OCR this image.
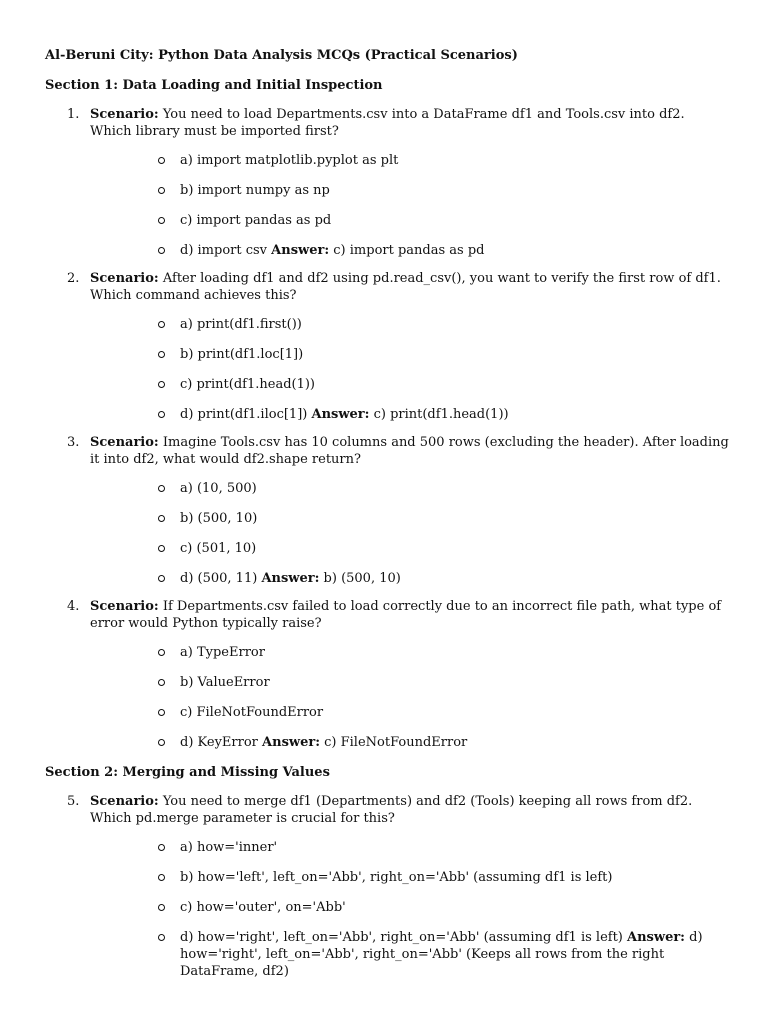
Al-Beruni City: Python Data Analysis MCQs (Practical Scenarios)

Section 1: Data Loading and Initial Inspection

1. Scenario: You need to load Departments.csv into a DataFrame df1 and Tools.csv into df2. Which library must be imported first?
a) import matplotlib.pyplot as plt
b) import numpy as np
c) import pandas as pd
d) import csv Answer: c) import pandas as pd
2. Scenario: After loading df1 and df2 using pd.read_csv(), you want to verify the first row of df1. Which command achieves this?
a) print(df1.first())
b) print(df1.loc[1])
c) print(df1.head(1))
d) print(df1.iloc[1]) Answer: c) print(df1.head(1))
3. Scenario: Imagine Tools.csv has 10 columns and 500 rows (excluding the header). After loading it into df2, what would df2.shape return?
a) (10, 500)
b) (500, 10)
c) (501, 10)
d) (500, 11) Answer: b) (500, 10)
4. Scenario: If Departments.csv failed to load correctly due to an incorrect file path, what type of error would Python typically raise?
a) TypeError
b) ValueError
c) FileNotFoundError
d) KeyError Answer: c) FileNotFoundError

Section 2: Merging and Missing Values

5. Scenario: You need to merge df1 (Departments) and df2 (Tools) keeping all rows from df2. Which pd.merge parameter is crucial for this?
a) how='inner'
b) how='left', left_on='Abb', right_on='Abb' (assuming df1 is left)
c) how='outer', on='Abb'
d) how='right', left_on='Abb', right_on='Abb' (assuming df1 is left) Answer: d) how='right', left_on='Abb', right_on='Abb' (Keeps all rows from the right DataFrame, df2)
